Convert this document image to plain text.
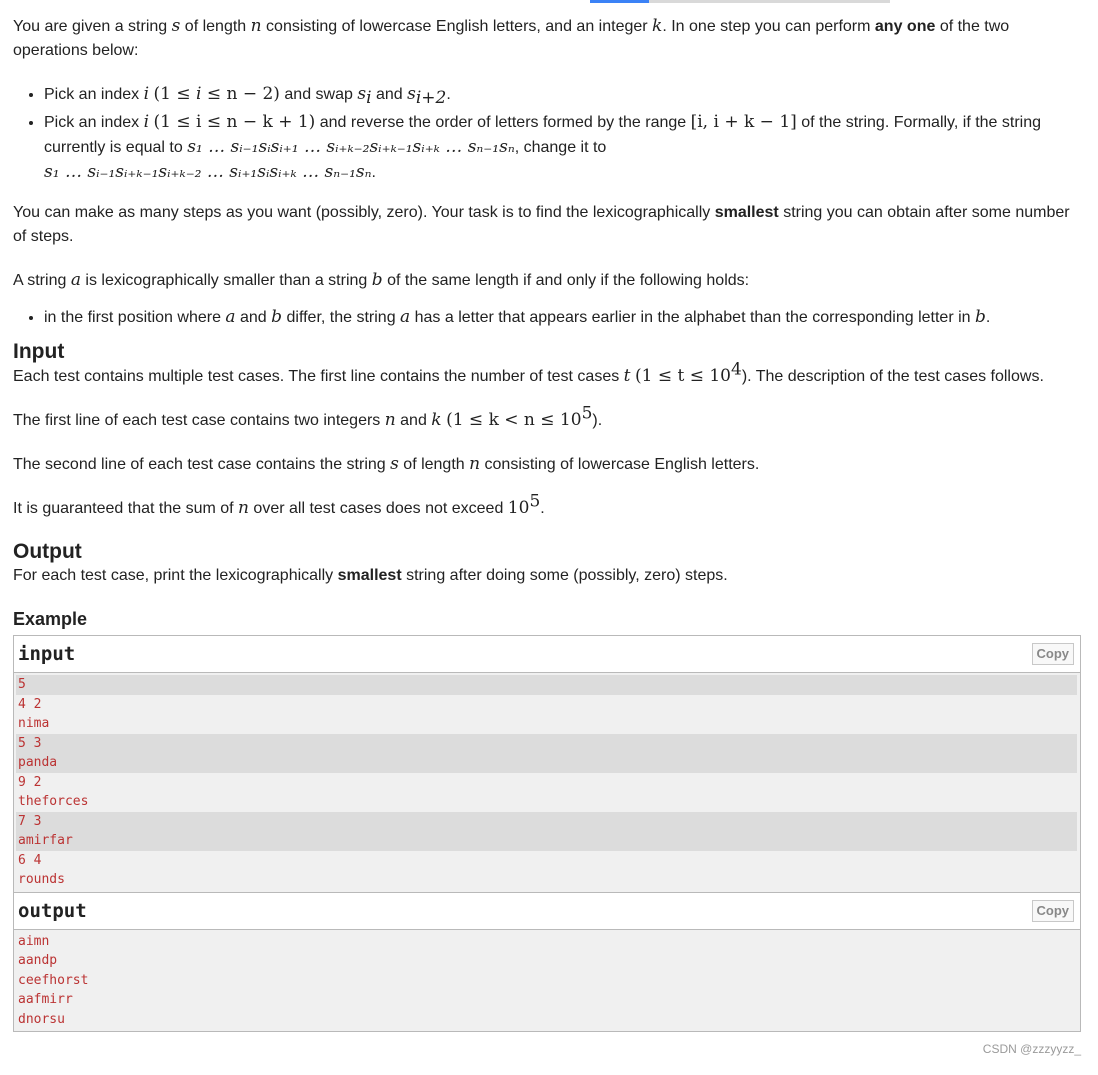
You are given a string s of length n consisting of lowercase English letters, and an integer k. In one step you can perform any one of the two operations below:

• Pick an index i (1 ≤ i ≤ n − 2) and swap $s_i$ and $s_{i+2}$.
• Pick an index i (1 ≤ i ≤ n − k + 1) and reverse the order of letters formed by the range [i, i + k − 1] of the string. Formally, if the string currently is equal to s₁ … sᵢ₋₁sᵢsᵢ₊₁ … sᵢ₊ₖ₋₂sᵢ₊ₖ₋₁sᵢ₊ₖ … sₙ₋₁sₙ, change it to
s₁ … sᵢ₋₁sᵢ₊ₖ₋₁sᵢ₊ₖ₋₂ … sᵢ₊₁sᵢsᵢ₊ₖ … sₙ₋₁sₙ.

You can make as many steps as you want (possibly, zero). Your task is to find the lexicographically smallest string you can obtain after some number of steps.

A string a is lexicographically smaller than a string b of the same length if and only if the following holds:

• in the first position where a and b differ, the string a has a letter that appears earlier in the alphabet than the corresponding letter in b.
Input

Each test contains multiple test cases. The first line contains the number of test cases t $(1 \le t \le 10^4)$. The description of the test cases follows.

The first line of each test case contains two integers n and k $(1 \le k < n \le 10^5)$.

The second line of each test case contains the string s of length n consisting of lowercase English letters.

It is guaranteed that the sum of n over all test cases does not exceed $10^5$.

Output

For each test case, print the lexicographically smallest string after doing some (possibly, zero) steps.

Example
input	Copy
5
4 2
nima
5 3
panda
9 2
theforces
7 3
amirfar
6 4
rounds
output	Copy
aimn
aandp
ceefhorst
aafmirr
dnorsu
CSDN @zzzyyzz_
